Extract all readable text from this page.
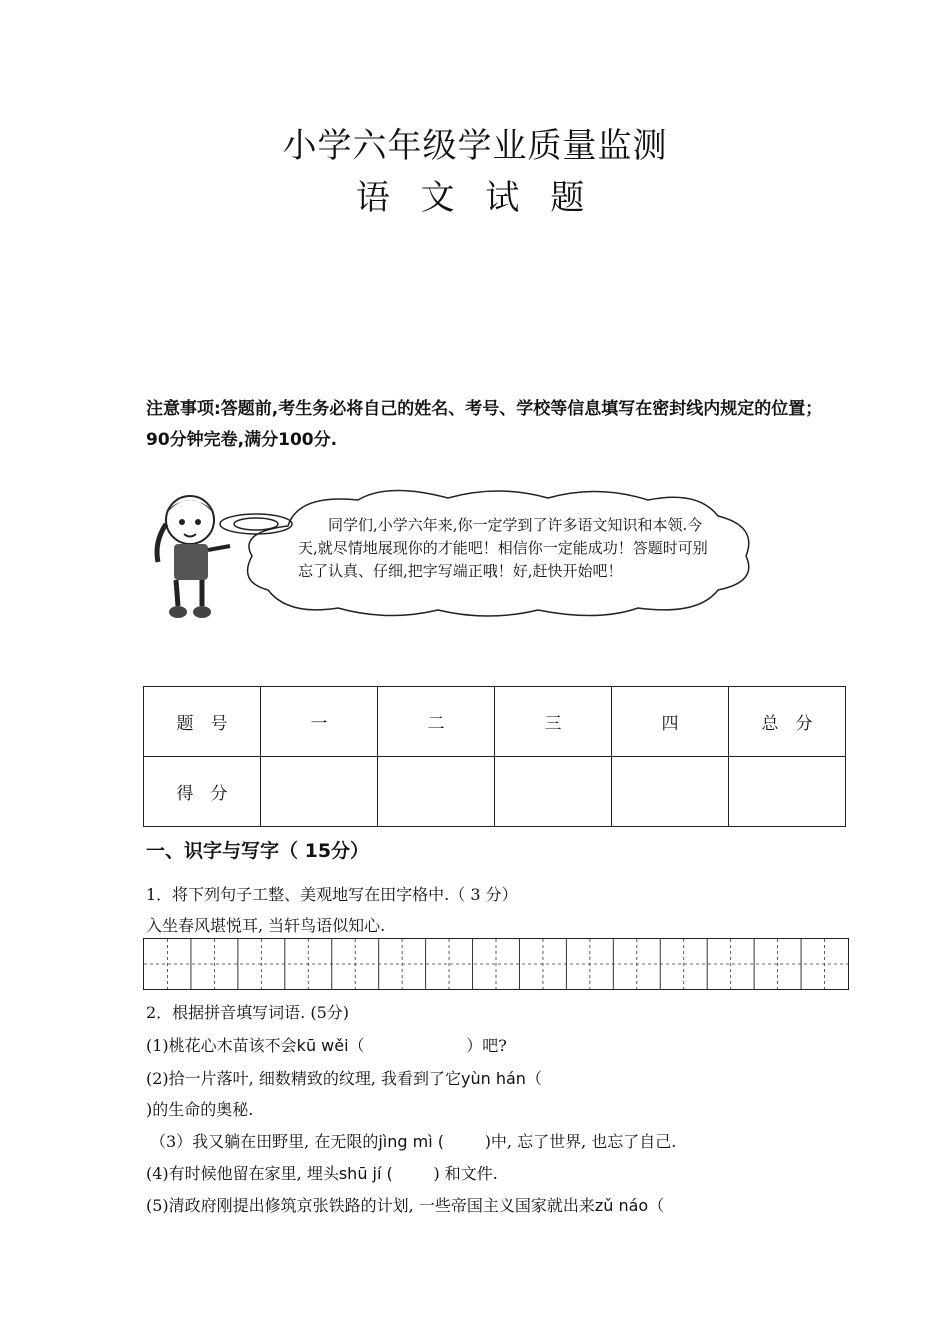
小学六年级学业质量监测
语 文 试 题
注意事项:答题前,考生务必将自己的姓名、考号、学校等信息填写在密封线内规定的位置；90分钟完卷,满分100分.
同学们,小学六年来,你一定学到了许多语文知识和本领.今天,就尽情地展现你的才能吧！相信你一定能成功！答题时可别忘了认真、仔细,把字写端正哦！好,赶快开始吧！
题　号	一	二	三	四	总　分
得　分					
一、识字与写字（ 15分）
1．将下列句子工整、美观地写在田字格中.（ 3 分）
入坐春风堪悦耳, 当轩鸟语似知心.
2．根据拼音填写词语. (5分)
(1)桃花心木苗该不会kū wěi（                    ）吧?
(2)拾一片落叶, 细数精致的纹理, 我看到了它yùn hán（
)的生命的奥秘.
（3）我又躺在田野里, 在无限的jìng mì (        )中, 忘了世界, 也忘了自己.
(4)有时候他留在家里, 埋头shū jí (        ) 和文件.
(5)清政府刚提出修筑京张铁路的计划, 一些帝国主义国家就出来zǔ náo（
